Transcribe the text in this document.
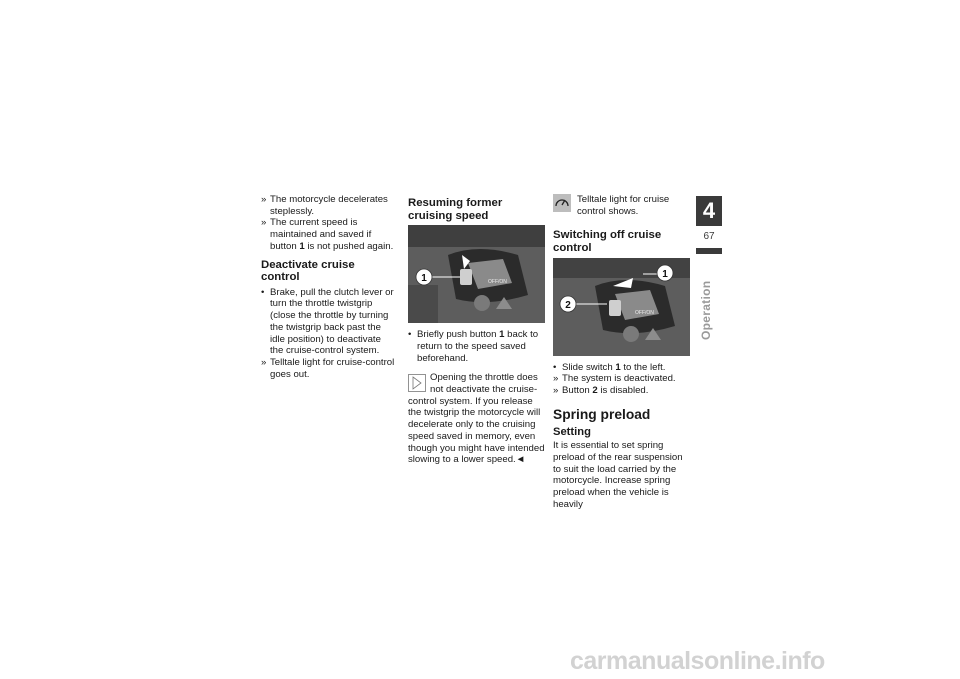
» The motorcycle decelerates steplessly.
» The current speed is maintained and saved if button 1 is not pushed again.
Deactivate cruise control
• Brake, pull the clutch lever or turn the throttle twistgrip (close the throttle by turning the twistgrip back past the idle position) to deactivate the cruise-control system.
» Telltale light for cruise-control goes out.
Resuming former cruising speed
1	OFF/ON
• Briefly push button 1 back to return to the speed saved beforehand.
Opening the throttle does not deactivate the cruise-control system. If you release the twistgrip the motorcycle will decelerate only to the cruising speed saved in memory, even though you might have intended slowing to a lower speed.◄
Telltale light for cruise control shows.
Switching off cruise control
1
2
OFF/ON
• Slide switch 1 to the left.
» The system is deactivated.
» Button 2 is disabled.
Spring preload
Setting

It is essential to set spring preload of the rear suspension to suit the load carried by the motorcycle. Increase spring preload when the vehicle is heavily

4
67
Operation
carmanualsonline.info
